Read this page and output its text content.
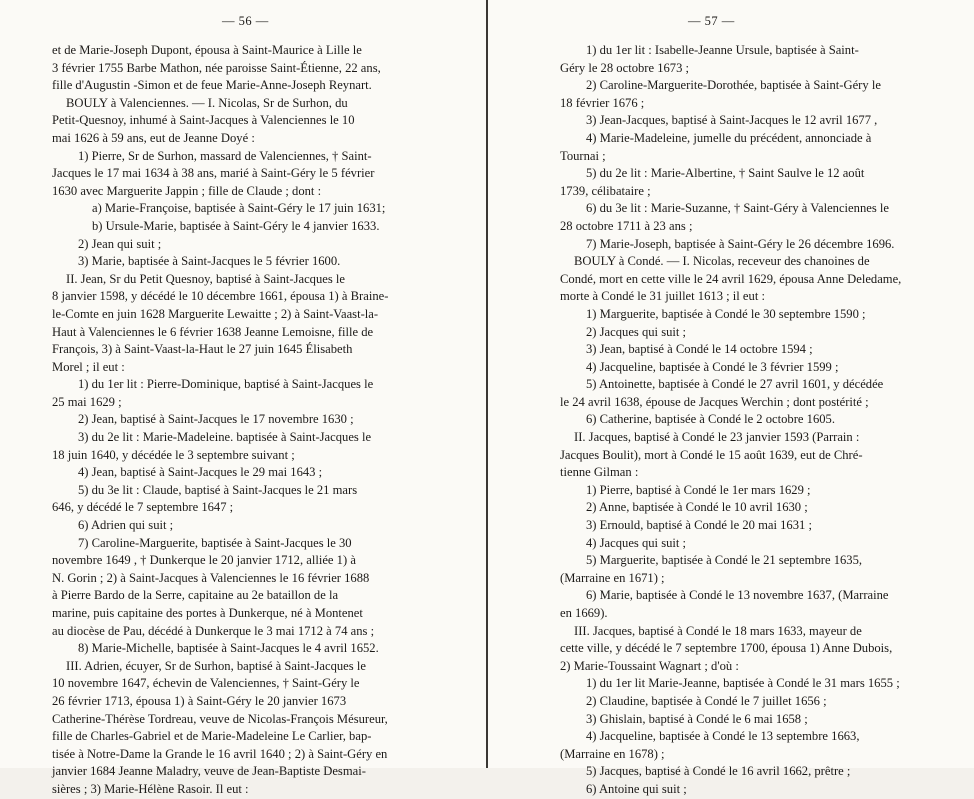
— 56 —
et de Marie-Joseph Dupont, épousa à Saint-Maurice à Lille le
3 février 1755 Barbe Mathon, née paroisse Saint-Étienne, 22 ans,
fille d'Augustin -Simon et de feue Marie-Anne-Joseph Reynart.
BOULY à Valenciennes. — I. Nicolas, Sr de Surhon, du
Petit-Quesnoy, inhumé à Saint-Jacques à Valenciennes le 10
mai 1626 à 59 ans, eut de Jeanne Doyé :
1) Pierre, Sr de Surhon, massard de Valenciennes, † Saint-
Jacques le 17 mai 1634 à 38 ans, marié à Saint-Géry le 5 février
1630 avec Marguerite Jappin ; fille de Claude ; dont :
a) Marie-Françoise, baptisée à Saint-Géry le 17 juin 1631;
b) Ursule-Marie, baptisée à Saint-Géry le 4 janvier 1633.
2) Jean qui suit ;
3) Marie, baptisée à Saint-Jacques le 5 février 1600.
II. Jean, Sr du Petit Quesnoy, baptisé à Saint-Jacques le
8 janvier 1598, y décédé le 10 décembre 1661, épousa 1) à Braine-
le-Comte en juin 1628 Marguerite Lewaitte ; 2) à Saint-Vaast-la-
Haut à Valenciennes le 6 février 1638 Jeanne Lemoisne, fille de
François, 3) à Saint-Vaast-la-Haut le 27 juin 1645 Élisabeth
Morel ; il eut :
1) du 1er lit : Pierre-Dominique, baptisé à Saint-Jacques le
25 mai 1629 ;
2) Jean, baptisé à Saint-Jacques le 17 novembre 1630 ;
3) du 2e lit : Marie-Madeleine. baptisée à Saint-Jacques le
18 juin 1640, y décédée le 3 septembre suivant ;
4) Jean, baptisé à Saint-Jacques le 29 mai 1643 ;
5) du 3e lit : Claude, baptisé à Saint-Jacques le 21 mars
646, y décédé le 7 septembre 1647 ;
6) Adrien qui suit ;
7) Caroline-Marguerite, baptisée à Saint-Jacques le 30
novembre 1649 , † Dunkerque le 20 janvier 1712, alliée 1) à
N. Gorin ; 2) à Saint-Jacques à Valenciennes le 16 février 1688
à Pierre Bardo de la Serre, capitaine au 2e bataillon de la
marine, puis capitaine des portes à Dunkerque, né à Montenet
au diocèse de Pau, décédé à Dunkerque le 3 mai 1712 à 74 ans ;
8) Marie-Michelle, baptisée à Saint-Jacques le 4 avril 1652.
III. Adrien, écuyer, Sr de Surhon, baptisé à Saint-Jacques le
10 novembre 1647, échevin de Valenciennes, † Saint-Géry le
26 février 1713, épousa 1) à Saint-Géry le 20 janvier 1673
Catherine-Thérèse Tordreau, veuve de Nicolas-François Mésureur,
fille de Charles-Gabriel et de Marie-Madeleine Le Carlier, bap-
tisée à Notre-Dame la Grande le 16 avril 1640 ; 2) à Saint-Géry en
janvier 1684 Jeanne Maladry, veuve de Jean-Baptiste Desmai-
sières ; 3) Marie-Hélène Rasoir. Il eut :
— 57 —
1) du 1er lit : Isabelle-Jeanne Ursule, baptisée à Saint-
Géry le 28 octobre 1673 ;
2) Caroline-Marguerite-Dorothée, baptisée à Saint-Géry le
18 février 1676 ;
3) Jean-Jacques, baptisé à Saint-Jacques le 12 avril 1677 ,
4) Marie-Madeleine, jumelle du précédent, annonciade à
Tournai ;
5) du 2e lit : Marie-Albertine, † Saint Saulve le 12 août
1739, célibataire ;
6) du 3e lit : Marie-Suzanne, † Saint-Géry à Valenciennes le
28 octobre 1711 à 23 ans ;
7) Marie-Joseph, baptisée à Saint-Géry le 26 décembre 1696.
BOULY à Condé. — I. Nicolas, receveur des chanoines de
Condé, mort en cette ville le 24 avril 1629, épousa Anne Deledame,
morte à Condé le 31 juillet 1613 ; il eut :
1) Marguerite, baptisée à Condé le 30 septembre 1590 ;
2) Jacques qui suit ;
3) Jean, baptisé à Condé le 14 octobre 1594 ;
4) Jacqueline, baptisée à Condé le 3 février 1599 ;
5) Antoinette, baptisée à Condé le 27 avril 1601, y décédée
le 24 avril 1638, épouse de Jacques Werchin ; dont postérité ;
6) Catherine, baptisée à Condé le 2 octobre 1605.
II. Jacques, baptisé à Condé le 23 janvier 1593 (Parrain :
Jacques Boulit), mort à Condé le 15 août 1639, eut de Chré-
tienne Gilman :
1) Pierre, baptisé à Condé le 1er mars 1629 ;
2) Anne, baptisée à Condé le 10 avril 1630 ;
3) Ernould, baptisé à Condé le 20 mai 1631 ;
4) Jacques qui suit ;
5) Marguerite, baptisée à Condé le 21 septembre 1635,
(Marraine en 1671) ;
6) Marie, baptisée à Condé le 13 novembre 1637, (Marraine
en 1669).
III. Jacques, baptisé à Condé le 18 mars 1633, mayeur de
cette ville, y décédé le 7 septembre 1700, épousa 1) Anne Dubois,
2) Marie-Toussaint Wagnart ; d'où :
1) du 1er lit Marie-Jeanne, baptisée à Condé le 31 mars 1655 ;
2) Claudine, baptisée à Condé le 7 juillet 1656 ;
3) Ghislain, baptisé à Condé le 6 mai 1658 ;
4) Jacqueline, baptisée à Condé le 13 septembre 1663,
(Marraine en 1678) ;
5) Jacques, baptisé à Condé le 16 avril 1662, prêtre ;
6) Antoine qui suit ;
